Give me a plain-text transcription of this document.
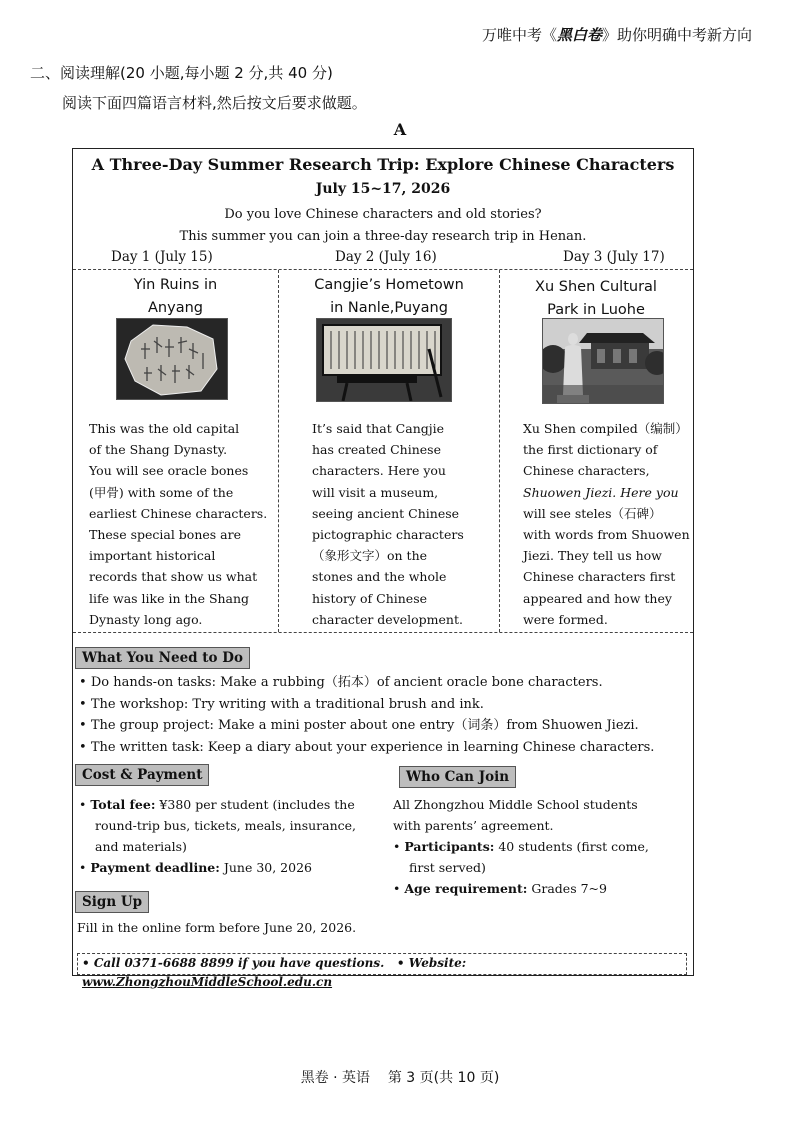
万唯中考《黑白卷》助你明确中考新方向
二、阅读理解(20 小题,每小题 2 分,共 40 分)
阅读下面四篇语言材料,然后按文后要求做题。
A
A Three-Day Summer Research Trip: Explore Chinese Characters
July 15~17, 2026
Do you love Chinese characters and old stories?
This summer you can join a three-day research trip in Henan.
Day 1 (July 15)	Day 2 (July 16)	Day 3 (July 17)
Yin Ruins in
Anyang
This was the old capital
of the Shang Dynasty.
You will see oracle bones
(甲骨) with some of the
earliest Chinese characters.
These special bones are
important historical
records that show us what
life was like in the Shang
Dynasty long ago.
Cangjie’s Hometown
in Nanle,Puyang
It’s said that Cangjie
has created Chinese
characters. Here you
will visit a museum,
seeing ancient Chinese
pictographic characters
（象形文字）on the
stones and the whole
history of Chinese
character development.
Xu Shen Cultural
Park in Luohe
Xu Shen compiled（编制）
the first dictionary of
Chinese characters,
Shuowen Jiezi. Here you
will see steles（石碑）
with words from Shuowen
Jiezi. They tell us how
Chinese characters first
appeared and how they
were formed.
What You Need to Do
• Do hands-on tasks: Make a rubbing（拓本）of ancient oracle bone characters.
• The workshop: Try writing with a traditional brush and ink.
• The group project: Make a mini poster about one entry（词条）from Shuowen Jiezi.
• The written task: Keep a diary about your experience in learning Chinese characters.
Cost & Payment
• Total fee: ¥380 per student (includes the
round-trip bus, tickets, meals, insurance,
and materials)
• Payment deadline: June 30, 2026
Sign Up
Fill in the online form before June 20, 2026.
Who Can Join
All Zhongzhou Middle School students
with parents’ agreement.
• Participants: 40 students (first come,
first served)
• Age requirement: Grades 7~9
• Call 0371-6688 8899 if you have questions. • Website: www.ZhongzhouMiddleSchool.edu.cn
黑卷 · 英语    第 3 页(共 10 页)
